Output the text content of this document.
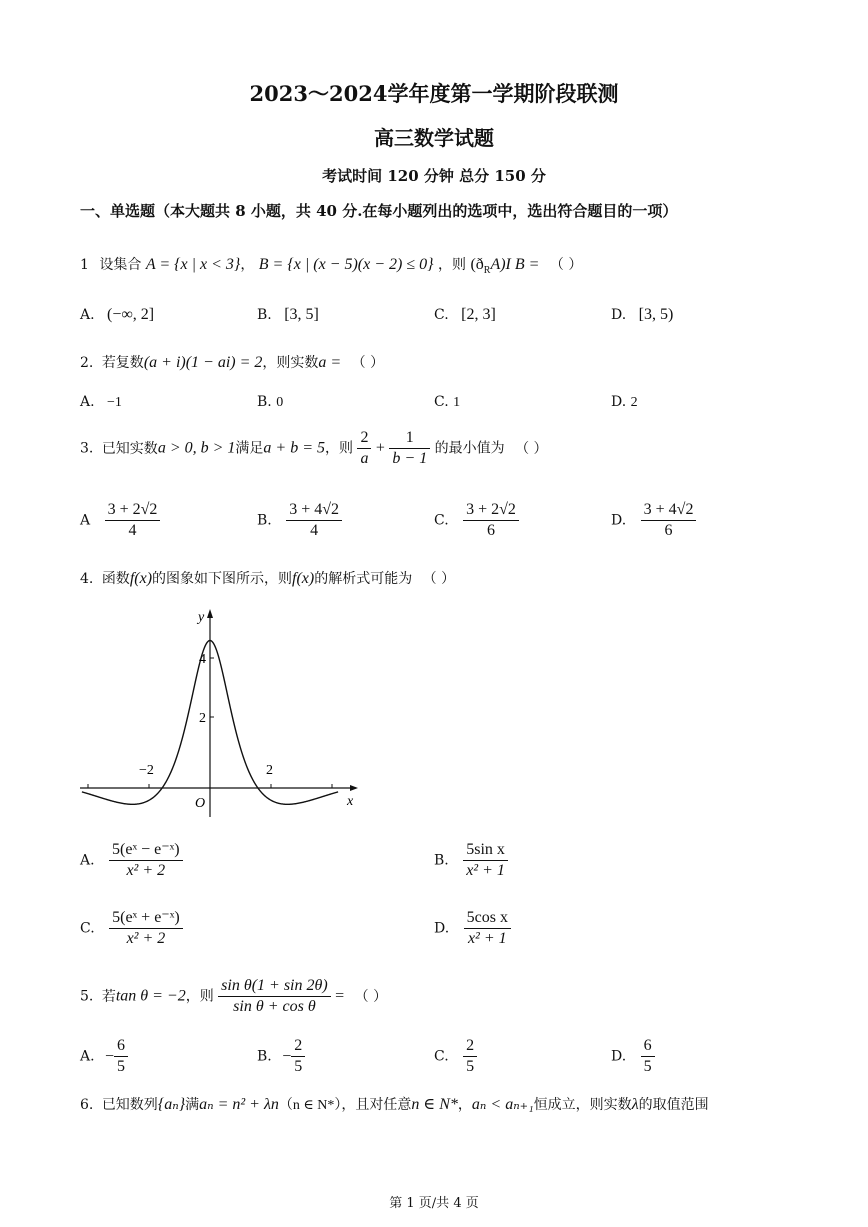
2023～2024学年度第一学期阶段联测
高三数学试题
考试时间 120 分钟 总分 150 分
一、单选题（本大题共 8 小题，共 40 分.在每小题列出的选项中，选出符合题目的一项）
1 设集合 A = {x | x < 3}， B = {x | (x − 5)(x − 2) ≤ 0} ，则 $(ð_RA)I$ B = （ ）
A. (−∞, 2]	B. [3, 5]	C. [2, 3]	D. [3, 5)
2. 若复数(a + i)(1 − ai) = 2，则实数a = （ ）
A. −1	B. 0	C. 1	D. 2
3. 已知实数a > 0, b > 1满足a + b = 5，则 $\frac{2}{a} + \frac{1}{b - 1}$ 的最小值为 （ ）
A $\frac{3 + 2√2}{4}$	B. $\frac{3 + 4√2}{4}$	C. $\frac{3 + 2√2}{6}$	D. $\frac{3 + 4√2}{6}$
4. 函数f(x)的图象如下图所示，则f(x)的解析式可能为 （ ）
y
x
O
4
2
−2	2
A. $\frac{\text{5(eˣ − e⁻ˣ)}}{\text{x² + 2}}$	B. $\frac{\text{5sin x}}{\text{x² + 1}}$
C. $\frac{\text{5(eˣ + e⁻ˣ)}}{\text{x² + 2}}$	D. $\frac{\text{5cos x}}{\text{x² + 1}}$
5. 若tan θ = −2，则 $\frac{\text{sin θ(1 + sin 2θ)}}{\text{sin θ + cos θ}}$ = （ ）
A. − $\frac{6}{5}$	B. − $\frac{2}{5}$	C. $\frac{2}{5}$	D. $\frac{6}{5}$
6. 已知数列{aₙ}满aₙ = n² + λn（n ∈ N*），且对任意n ∈ N*，aₙ < aₙ₊₁恒成立，则实数λ的取值范围
第 1 页/共 4 页
